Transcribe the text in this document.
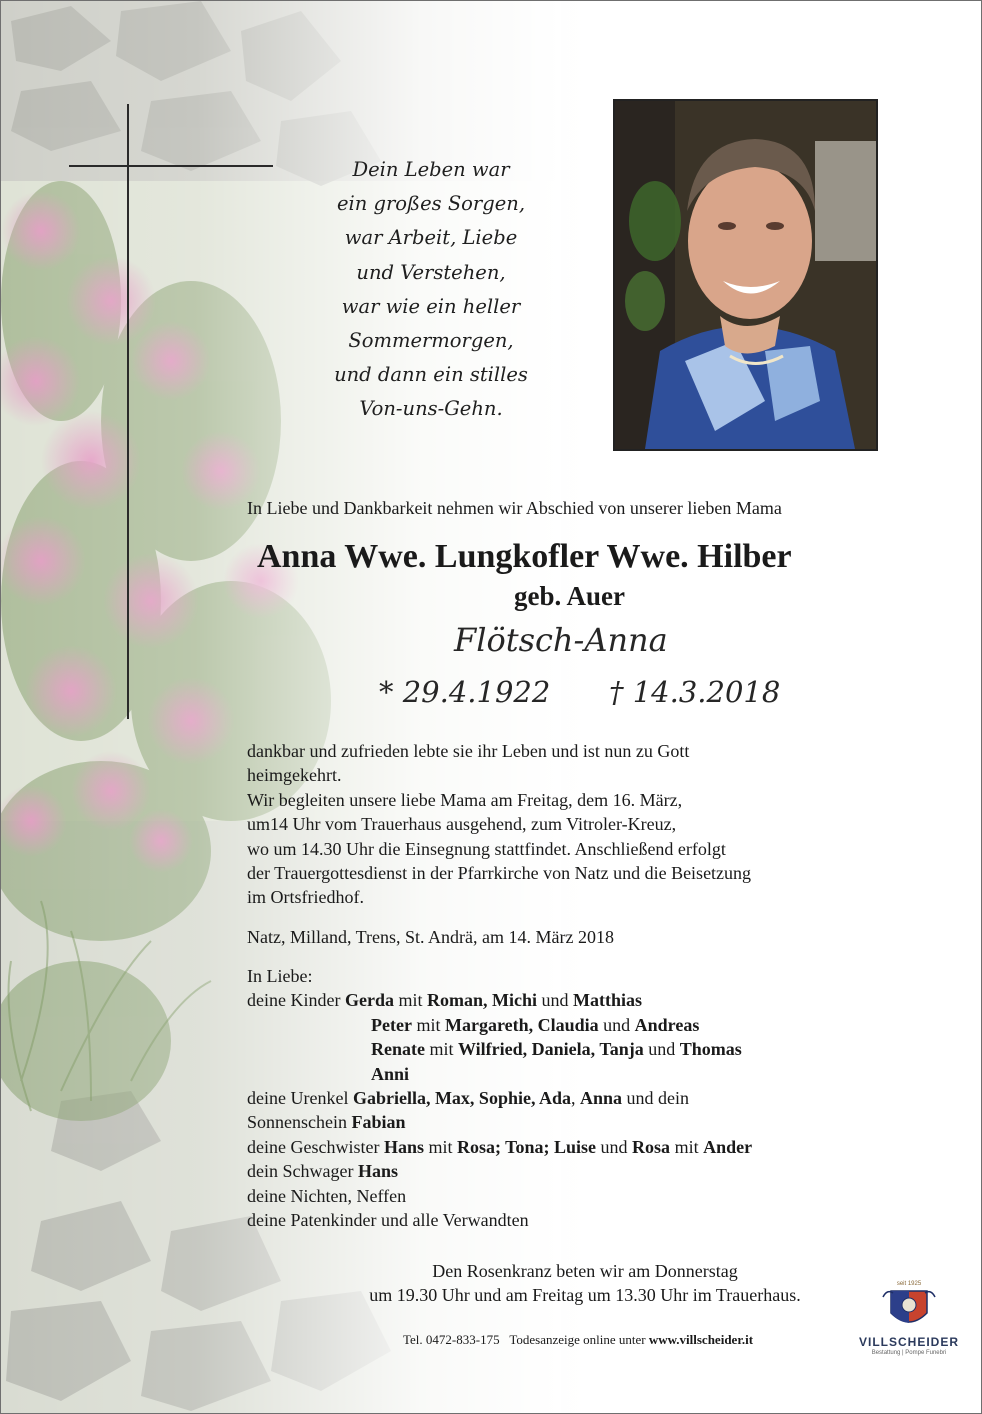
Dein Leben war
ein großes Sorgen,
war Arbeit, Liebe
und Verstehen,
war wie ein heller
Sommermorgen,
und dann ein stilles
Von-uns-Gehn.
In Liebe und Dankbarkeit nehmen wir Abschied von unserer lieben Mama
Anna Wwe. Lungkofler Wwe. Hilber
geb. Auer
Flötsch-Anna
* 29.4.1922 † 14.3.2018
dankbar und zufrieden lebte sie ihr Leben und ist nun zu Gott
heimgekehrt.
Wir begleiten unsere liebe Mama am Freitag, dem 16. März,
um14 Uhr vom Trauerhaus ausgehend, zum Vitroler-Kreuz,
wo um 14.30 Uhr die Einsegnung stattfindet. Anschließend erfolgt
der Trauergottesdienst in der Pfarrkirche von Natz und die Beisetzung
im Ortsfriedhof.
Natz, Milland, Trens, St. Andrä, am 14. März 2018
In Liebe:
deine Kinder Gerda mit Roman, Michi und Matthias
Peter mit Margareth, Claudia und Andreas
Renate mit Wilfried, Daniela, Tanja und Thomas
Anni
deine Urenkel Gabriella, Max, Sophie, Ada, Anna und dein
Sonnenschein Fabian
deine Geschwister Hans mit Rosa; Tona; Luise und Rosa mit Ander
dein Schwager Hans
deine Nichten, Neffen
deine Patenkinder und alle Verwandten
Den Rosenkranz beten wir am Donnerstag
um 19.30 Uhr und am Freitag um 13.30 Uhr im Trauerhaus.
Tel. 0472-833-175 Todesanzeige online unter www.villscheider.it
seit 1925
VILLSCHEIDER
Bestattung | Pompe Funebri
